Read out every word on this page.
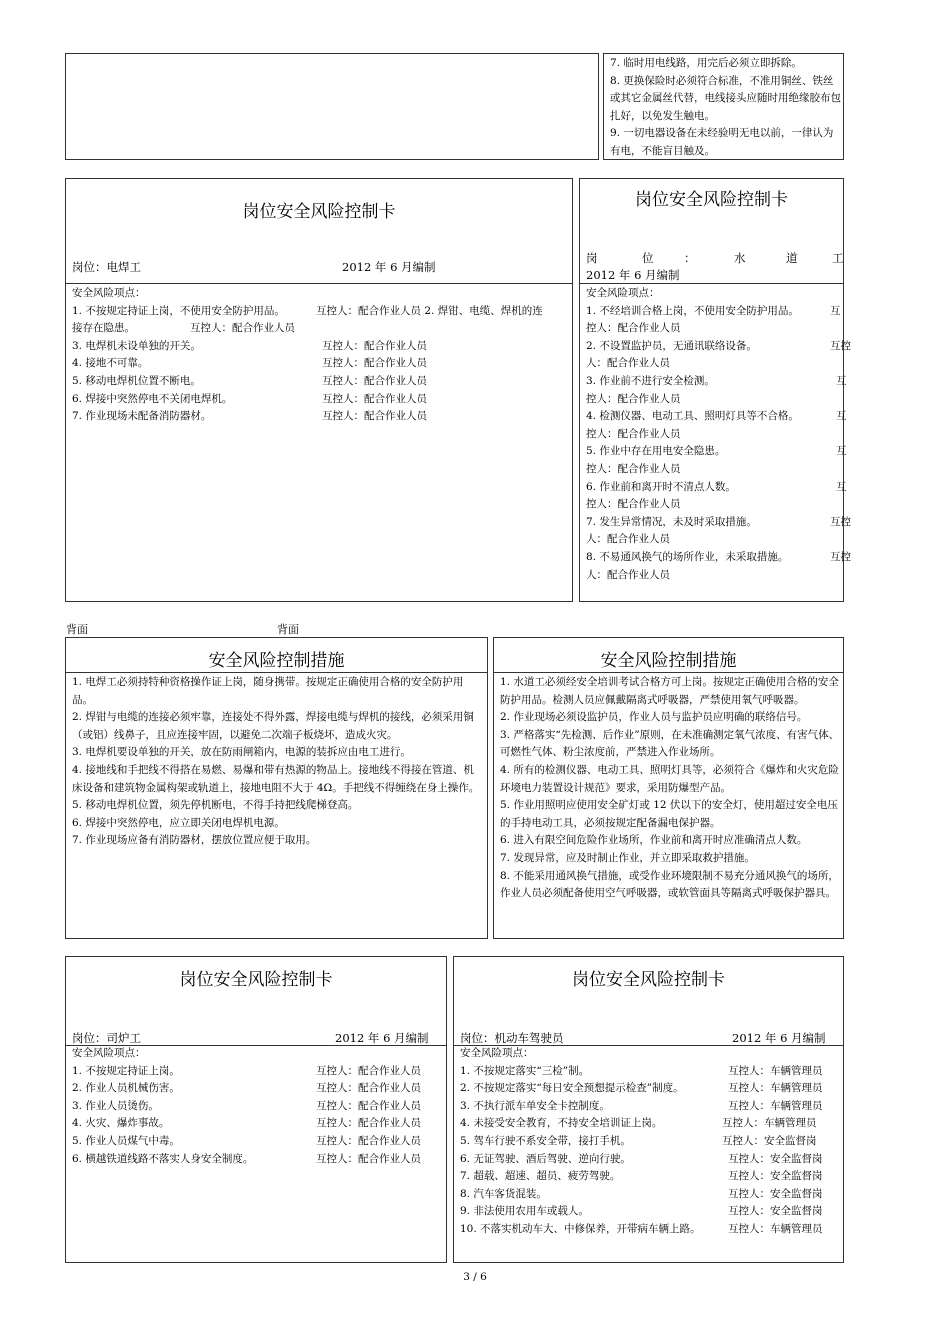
7. 临时用电线路，用完后必须立即拆除。
8. 更换保险时必须符合标准，不准用铜丝、铁丝或其它金属丝代替，电线接头应随时用绝缘胶布包扎好，以免发生触电。
9. 一切电器设备在未经验明无电以前，一律认为有电，不能盲目触及。
岗位安全风险控制卡
岗位：电焊工	2012 年 6 月编制
安全风险项点：
1. 不按规定持证上岗，不使用安全防护用品。	互控人：配合作业人员 2. 焊钳、电缆、焊机的连
接存在隐患。	互控人：配合作业人员
3. 电焊机未设单独的开关。	互控人：配合作业人员
4. 接地不可靠。	互控人：配合作业人员
5. 移动电焊机位置不断电。	互控人：配合作业人员
6. 焊接中突然停电不关闭电焊机。	互控人：配合作业人员
7. 作业现场未配备消防器材。	互控人：配合作业人员
岗位安全风险控制卡
岗	位	：	水	道	工
2012 年 6 月编制
安全风险项点：
1. 不经培训合格上岗，不使用安全防护用品。	互
控人：配合作业人员
2. 不设置监护员，无通讯联络设备。	互控
人：配合作业人员
3. 作业前不进行安全检测。	互
控人：配合作业人员
4. 检测仪器、电动工具、照明灯具等不合格。	互
控人：配合作业人员
5. 作业中存在用电安全隐患。	互
控人：配合作业人员
6. 作业前和离开时不清点人数。	互
控人：配合作业人员
7. 发生异常情况，未及时采取措施。	互控
人：配合作业人员
8. 不易通风换气的场所作业，未采取措施。	互控
人：配合作业人员
背面	背面
安全风险控制措施
1. 电焊工必须持特种资格操作证上岗，随身携带。按规定正确使用合格的安全防护用品。
2. 焊钳与电缆的连接必须牢靠，连接处不得外露，焊接电缆与焊机的接线，必须采用铜（或铝）线鼻子，且应连接牢固，以避免二次端子板烧坏，造成火灾。
3. 电焊机要设单独的开关，放在防雨闸箱内，电源的装拆应由电工进行。
4. 接地线和手把线不得搭在易燃、易爆和带有热源的物品上。接地线不得接在管道、机床设备和建筑物金属构架或轨道上，接地电阻不大于 4Ω。手把线不得缠绕在身上操作。
5. 移动电焊机位置，须先停机断电，不得手持把线爬梯登高。
6. 焊接中突然停电，应立即关闭电焊机电源。
7. 作业现场应备有消防器材，摆放位置应便于取用。
安全风险控制措施
1. 水道工必须经安全培训考试合格方可上岗。按规定正确使用合格的安全防护用品。检测人员应佩戴隔离式呼吸器，严禁使用氧气呼吸器。
2. 作业现场必须设监护员，作业人员与监护员应明确的联络信号。
3. 严格落实“先检测、后作业”原则，在未准确测定氧气浓度、有害气体、可燃性气体、粉尘浓度前，严禁进入作业场所。
4. 所有的检测仪器、电动工具、照明灯具等，必须符合《爆炸和火灾危险环境电力装置设计规范》要求，采用防爆型产品。
5. 作业用照明应使用安全矿灯或 12 伏以下的安全灯，使用超过安全电压的手持电动工具，必须按规定配备漏电保护器。
6. 进入有限空间危险作业场所，作业前和离开时应准确清点人数。
7. 发现异常，应及时制止作业，并立即采取救护措施。
8. 不能采用通风换气措施，或受作业环境限制不易充分通风换气的场所，作业人员必须配备使用空气呼吸器，或软管面具等隔离式呼吸保护器具。
岗位安全风险控制卡
岗位：司炉工	2012 年 6 月编制
安全风险项点：
1. 不按规定持证上岗。	互控人：配合作业人员
2. 作业人员机械伤害。	互控人：配合作业人员
3. 作业人员烫伤。	互控人：配合作业人员
4. 火灾、爆炸事故。	互控人：配合作业人员
5. 作业人员煤气中毒。	互控人：配合作业人员
6. 横越铁道线路不落实人身安全制度。	互控人：配合作业人员
岗位安全风险控制卡
岗位：机动车驾驶员	2012 年 6 月编制
安全风险项点：
1. 不按规定落实“三检”制。	互控人：车辆管理员
2. 不按规定落实“每日安全预想提示检查”制度。	互控人：车辆管理员
3. 不执行派车单安全卡控制度。	互控人：车辆管理员
4. 未接受安全教育，不持安全培训证上岗。	互控人：车辆管理员
5. 驾车行驶不系安全带，接打手机。	互控人：安全监督岗
6. 无证驾驶、酒后驾驶、逆向行驶。	互控人：安全监督岗
7. 超载、超速、超员、疲劳驾驶。	互控人：安全监督岗
8. 汽车客货混装。	互控人：安全监督岗
9. 非法使用农用车或载人。	互控人：安全监督岗
10. 不落实机动车大、中修保养，开带病车辆上路。	互控人：车辆管理员
3 / 6
